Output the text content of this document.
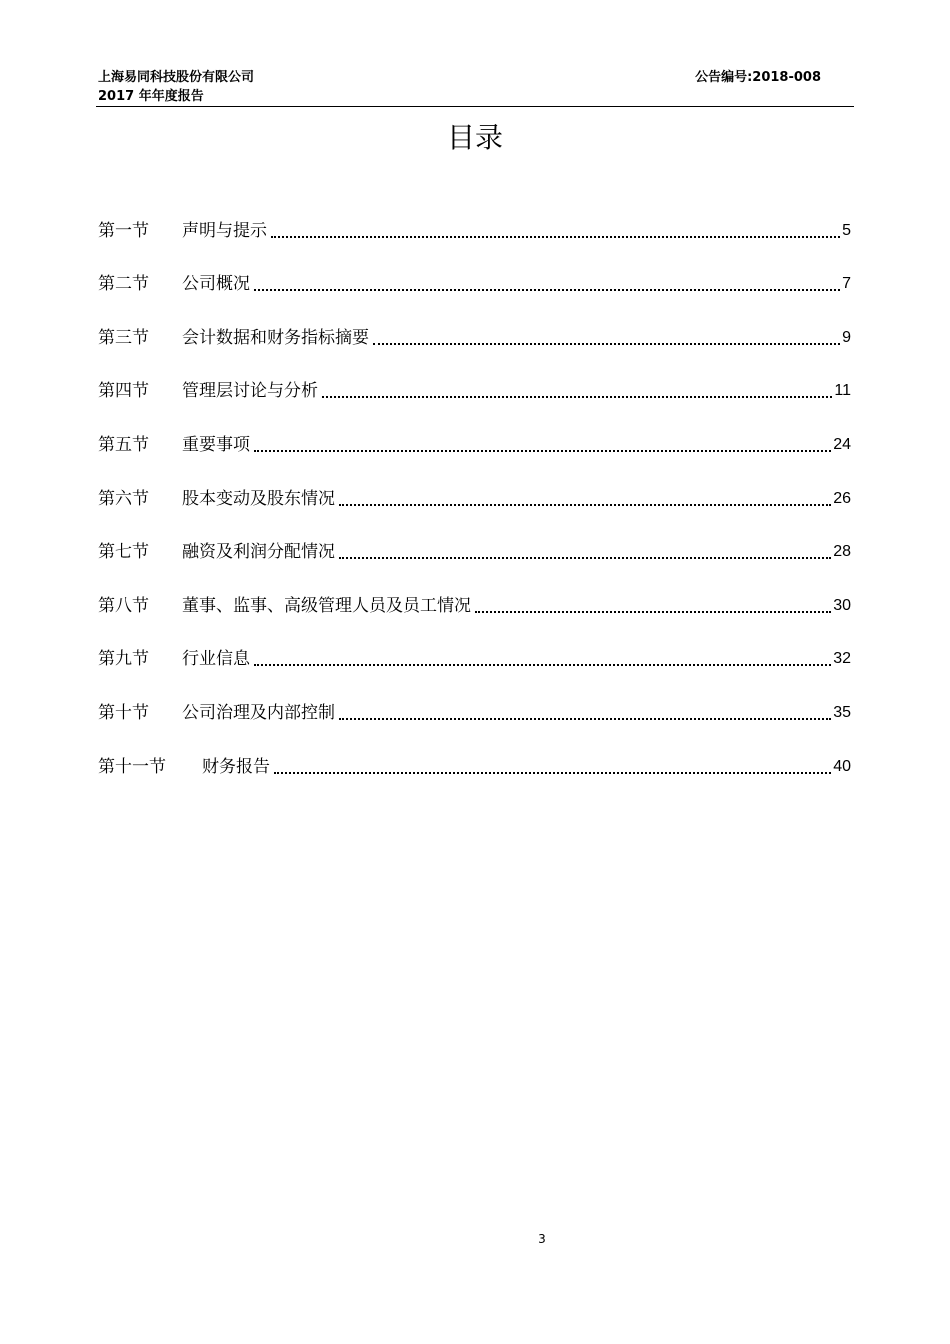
上海易同科技股份有限公司
2017 年年度报告
公告编号:2018-008
目录
第一节	声明与提示	5
第二节	公司概况	7
第三节	会计数据和财务指标摘要	9
第四节	管理层讨论与分析	11
第五节	重要事项	24
第六节	股本变动及股东情况	26
第七节	融资及利润分配情况	28
第八节	董事、监事、高级管理人员及员工情况	30
第九节	行业信息	32
第十节	公司治理及内部控制	35
第十一节	财务报告	40
3
